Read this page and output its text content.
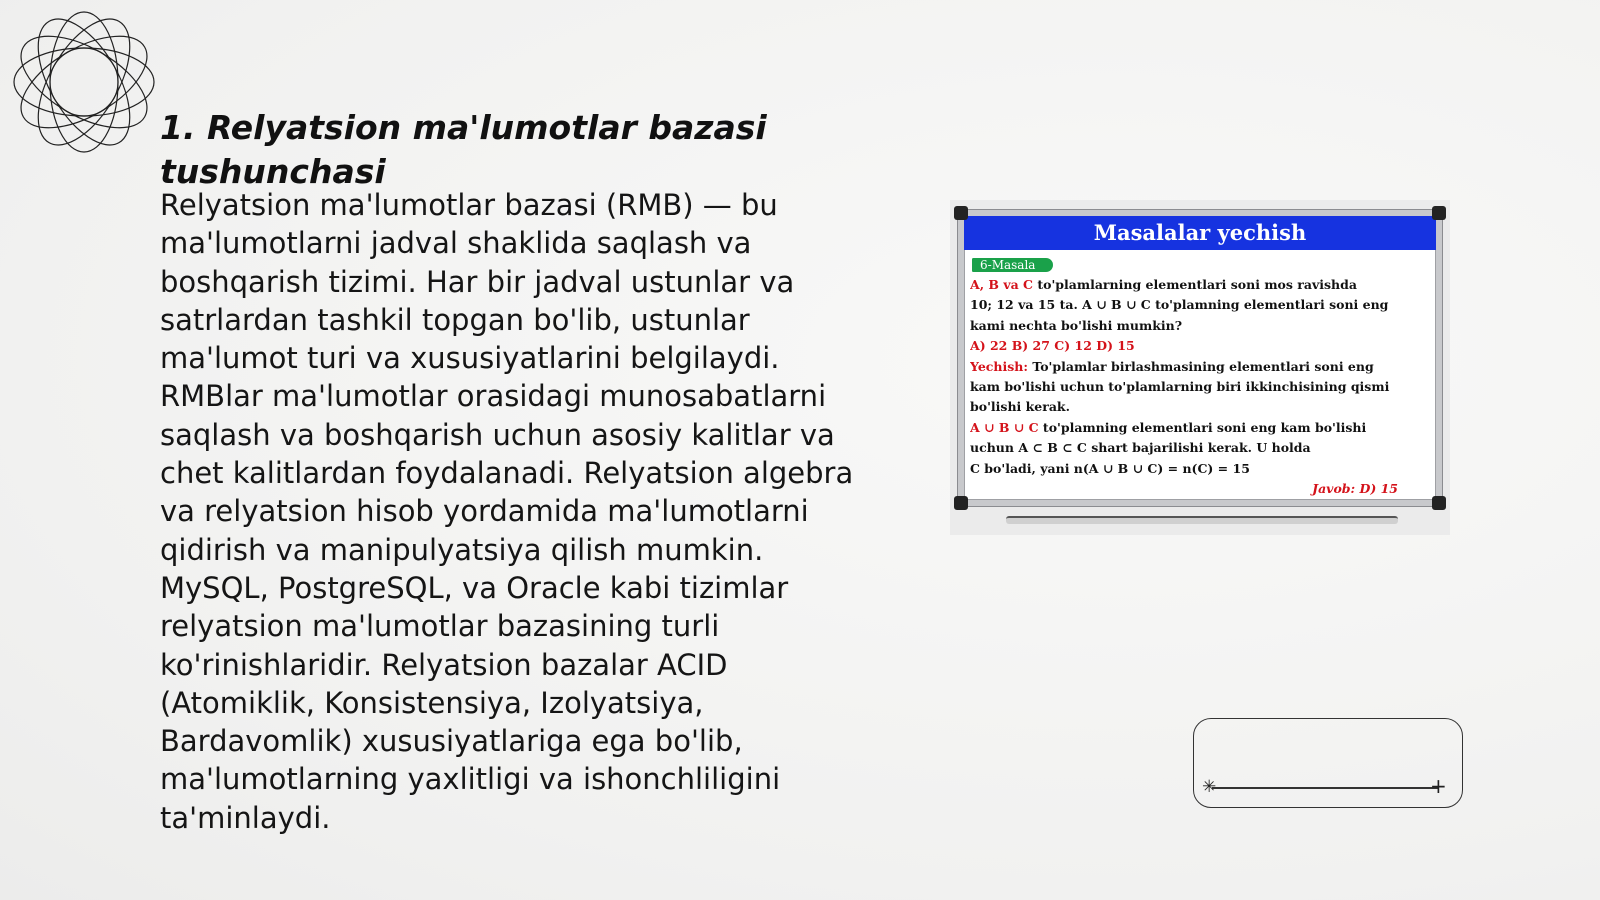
1. Relyatsion ma'lumotlar bazasi tushunchasi

Relyatsion ma'lumotlar bazasi (RMB) — bu ma'lumotlarni jadval shaklida saqlash va boshqarish tizimi. Har bir jadval ustunlar va satrlardan tashkil topgan bo'lib, ustunlar ma'lumot turi va xususiyatlarini belgilaydi. RMBlar ma'lumotlar orasidagi munosabatlarni saqlash va boshqarish uchun asosiy kalitlar va chet kalitlardan foydalanadi. Relyatsion algebra va relyatsion hisob yordamida ma'lumotlarni qidirish va manipulyatsiya qilish mumkin. MySQL, PostgreSQL, va Oracle kabi tizimlar relyatsion ma'lumotlar bazasining turli ko'rinishlaridir. Relyatsion bazalar ACID (Atomiklik, Konsistensiya, Izolyatsiya, Bardavomlik) xususiyatlariga ega bo'lib, ma'lumotlarning yaxlitligi va ishonchliligini ta'minlaydi.

Masalalar yechish
6-Masala
A, B va C to'plamlarning elementlari soni mos ravishda
10; 12 va 15 ta. A ∪ B ∪ C to'plamning elementlari soni eng
kami nechta bo'lishi mumkin?
A) 22 B) 27 C) 12 D) 15
Yechish: To'plamlar birlashmasining elementlari soni eng
kam bo'lishi uchun to'plamlarning biri ikkinchisining qismi
bo'lishi kerak.
A ∪ B ∪ C to'plamning elementlari soni eng kam bo'lishi
uchun A ⊂ B ⊂ C shart bajarilishi kerak. U holda
C bo'ladi, yani n(A ∪ B ∪ C) = n(C) = 15
Javob: D) 15
✳	+
